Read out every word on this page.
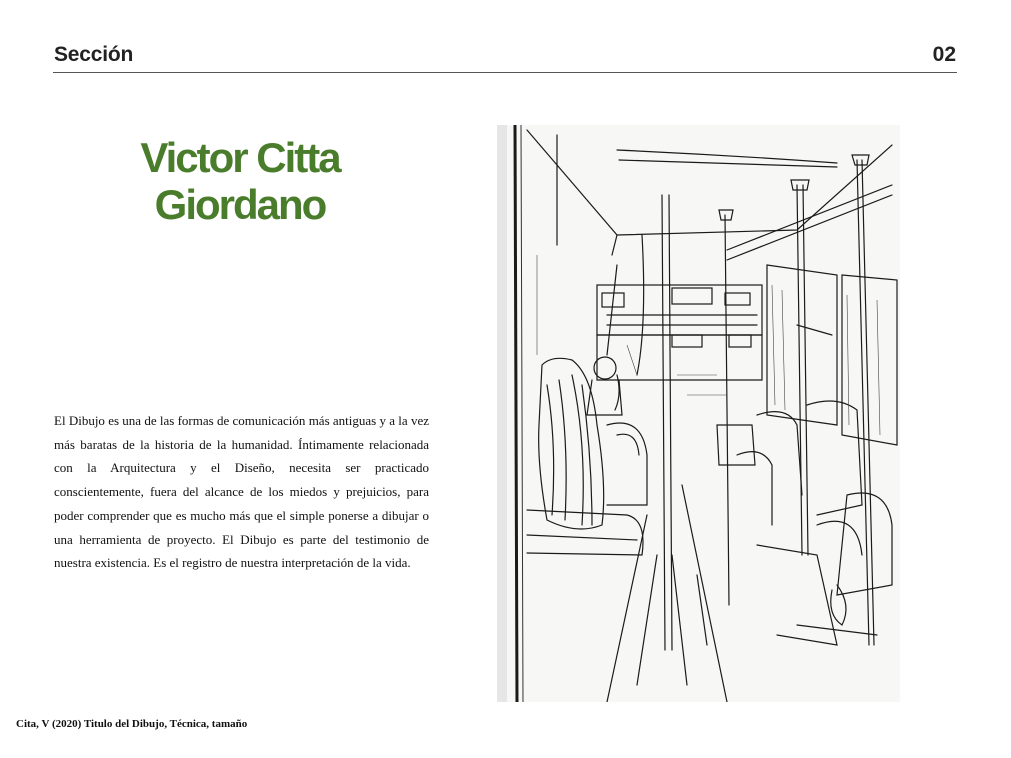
Sección	02
Victor Citta Giordano
El Dibujo es una de las formas de comunicación más antiguas y a la vez más baratas de la historia de la humanidad. Íntimamente relacionada con la Arquitectura y el Diseño, necesita ser practicado conscientemente, fuera del alcance de los miedos y prejuicios, para poder comprender que es mucho más que el simple ponerse a dibujar o una herramienta de proyecto. El Dibujo es parte del testimonio de nuestra existencia. Es el registro de nuestra interpretación de la vida.
Cita, V (2020) Titulo del Dibujo, Técnica, tamaño
